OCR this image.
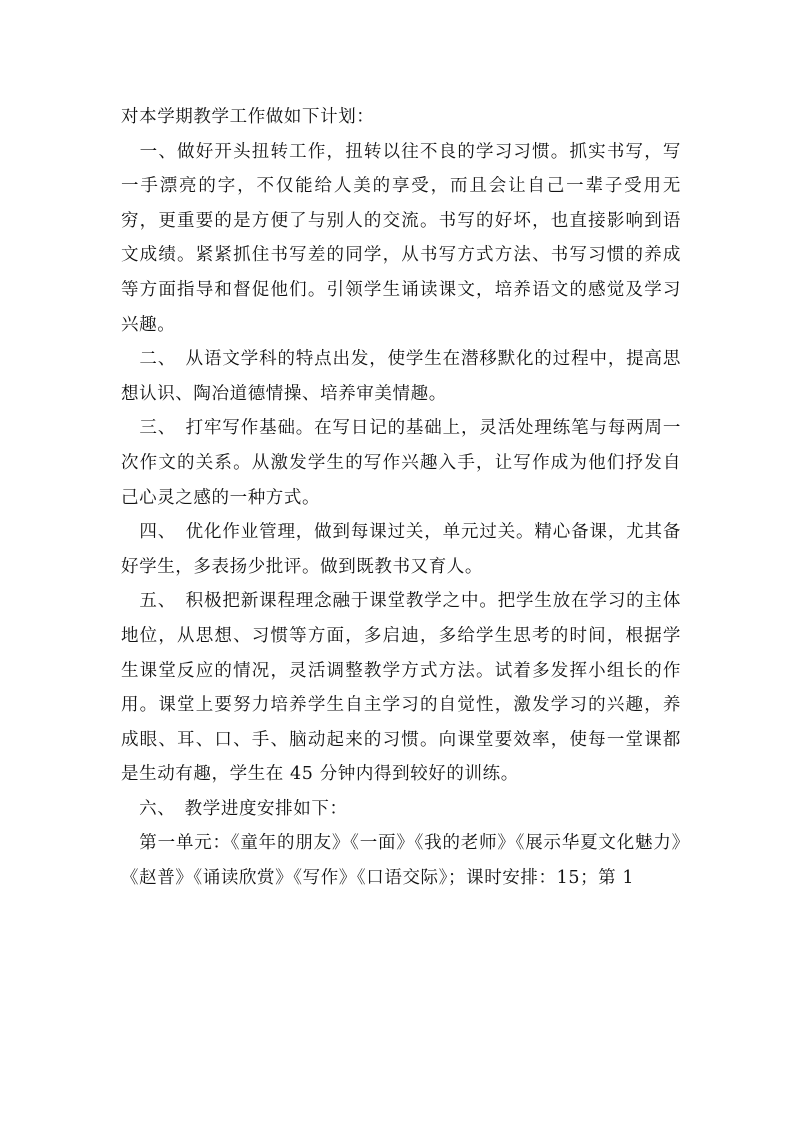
对本学期教学工作做如下计划：

　一、做好开头扭转工作，扭转以往不良的学习习惯。抓实书写，写一手漂亮的字，不仅能给人美的享受，而且会让自己一辈子受用无穷，更重要的是方便了与别人的交流。书写的好坏，也直接影响到语文成绩。紧紧抓住书写差的同学，从书写方式方法、书写习惯的养成等方面指导和督促他们。引领学生诵读课文，培养语文的感觉及学习兴趣。

　二、　从语文学科的特点出发，使学生在潜移默化的过程中，提高思想认识、陶冶道德情操、培养审美情趣。

　三、　打牢写作基础。在写日记的基础上，灵活处理练笔与每两周一次作文的关系。从激发学生的写作兴趣入手，让写作成为他们抒发自己心灵之感的一种方式。

　四、　优化作业管理，做到每课过关，单元过关。精心备课，尤其备好学生，多表扬少批评。做到既教书又育人。

　五、　积极把新课程理念融于课堂教学之中。把学生放在学习的主体地位，从思想、习惯等方面，多启迪，多给学生思考的时间，根据学生课堂反应的情况，灵活调整教学方式方法。试着多发挥小组长的作用。课堂上要努力培养学生自主学习的自觉性，激发学习的兴趣，养成眼、耳、口、手、脑动起来的习惯。向课堂要效率，使每一堂课都是生动有趣，学生在 45 分钟内得到较好的训练。

　六、　教学进度安排如下：

　第一单元：《童年的朋友》《一面》《我的老师》《展示华夏文化魅力》《赵普》《诵读欣赏》《写作》《口语交际》；课时安排：15；第 1
